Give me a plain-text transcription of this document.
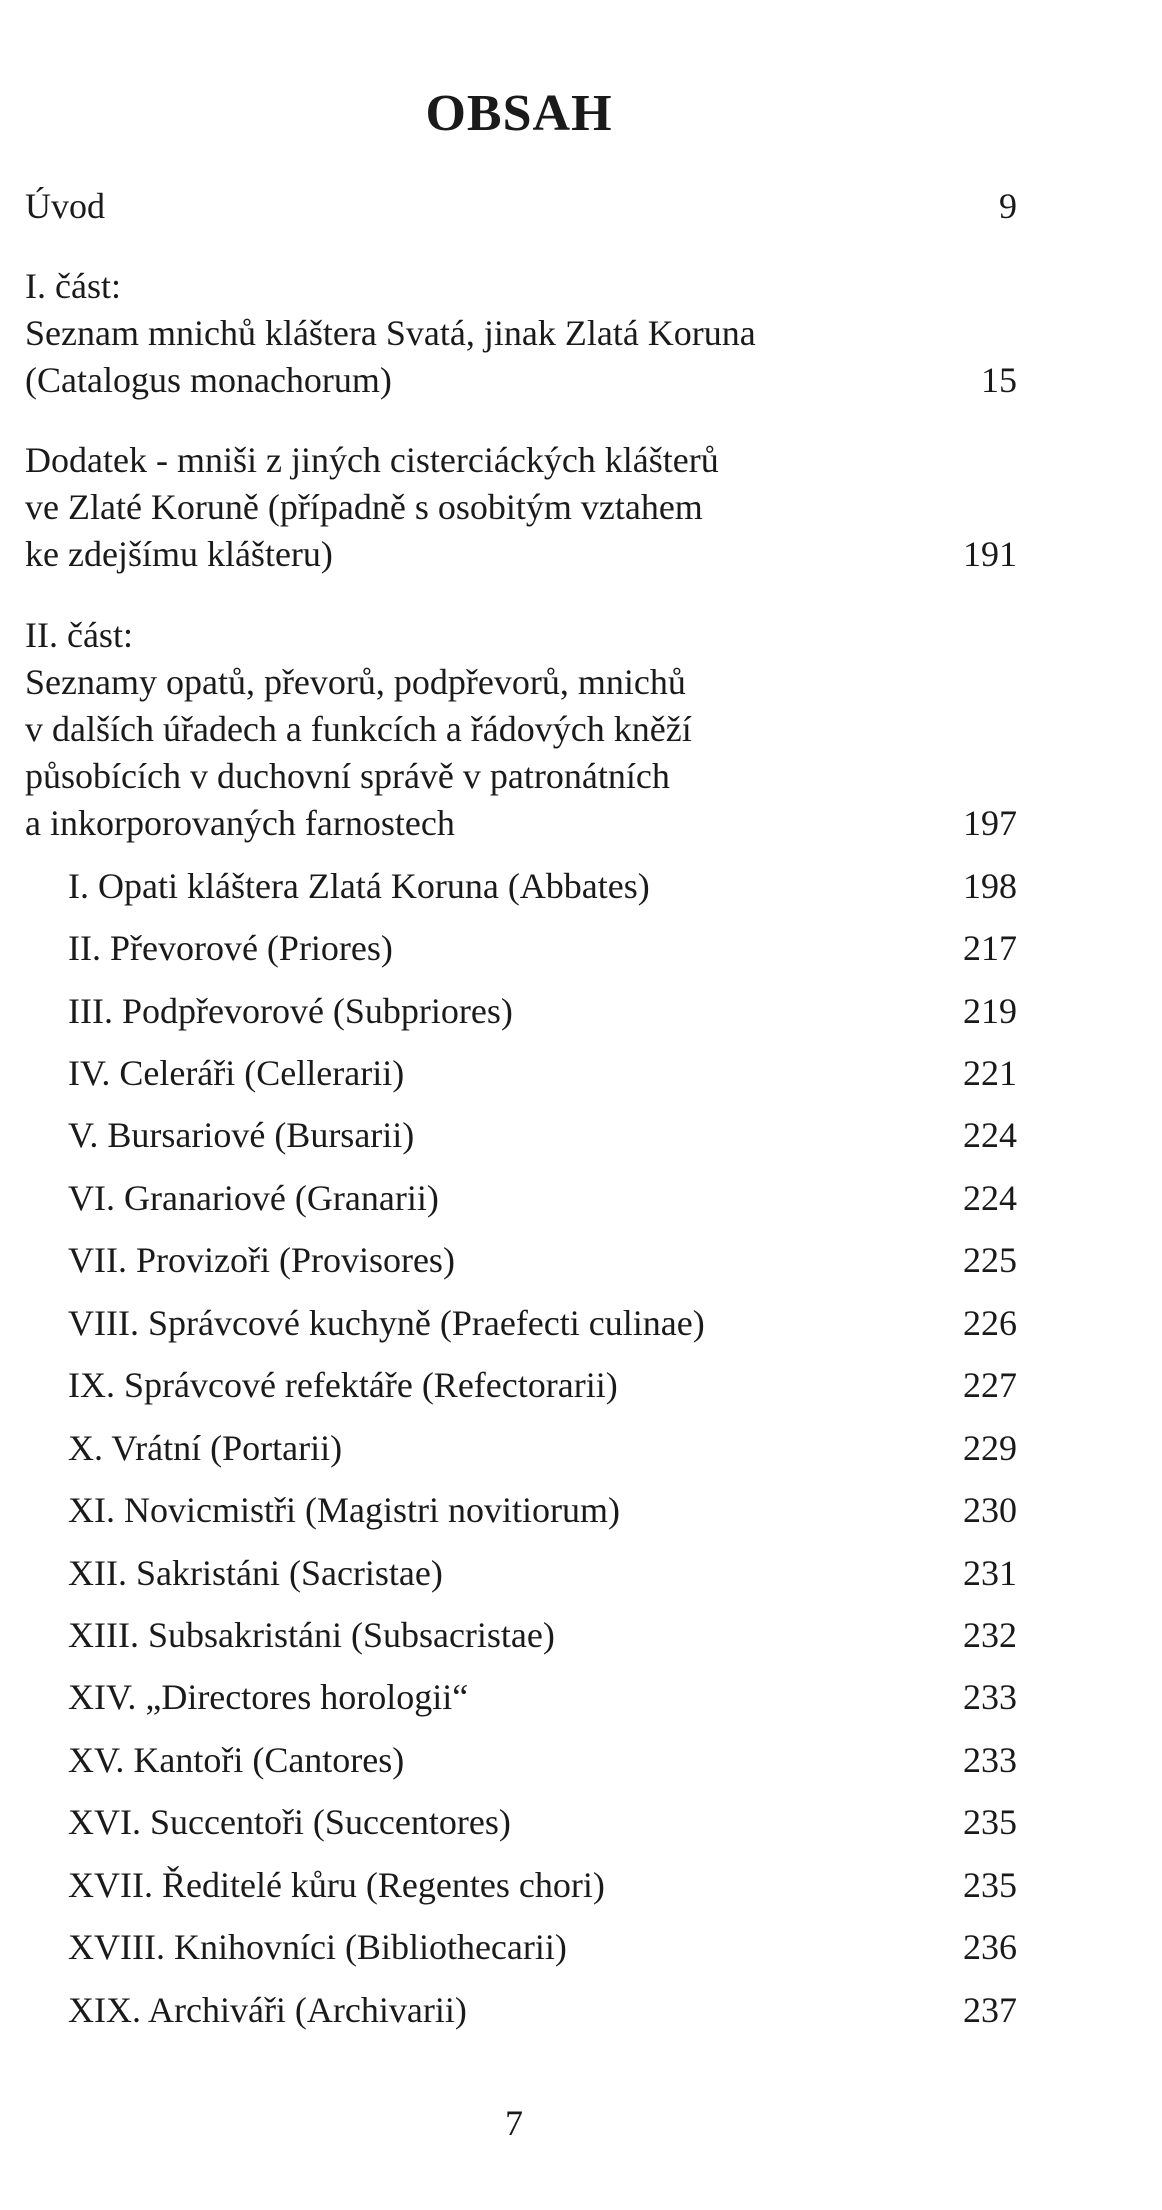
OBSAH
Úvod	9
I. část:
Seznam mnichů kláštera Svatá, jinak Zlatá Koruna
(Catalogus monachorum)	15
Dodatek - mniši z jiných cisterciáckých klášterů
ve Zlaté Koruně (případně s osobitým vztahem
ke zdejšímu klášteru)	191
II. část:
Seznamy opatů, převorů, podpřevorů, mnichů
v dalších úřadech a funkcích a řádových kněží
působících v duchovní správě v patronátních
a inkorporovaných farnostech	197
I. Opati kláštera Zlatá Koruna (Abbates)	198
II. Převorové (Priores)	217
III. Podpřevorové (Subpriores)	219
IV. Celeráři (Cellerarii)	221
V. Bursariové (Bursarii)	224
VI. Granariové (Granarii)	224
VII. Provizoři (Provisores)	225
VIII. Správcové kuchyně (Praefecti culinae)	226
IX. Správcové refektáře (Refectorarii)	227
X. Vrátní (Portarii)	229
XI. Novicmistři (Magistri novitiorum)	230
XII. Sakristáni (Sacristae)	231
XIII. Subsakristáni (Subsacristae)	232
XIV. „Directores horologii“	233
XV. Kantoři (Cantores)	233
XVI. Succentoři (Succentores)	235
XVII. Ředitelé kůru (Regentes chori)	235
XVIII. Knihovníci (Bibliothecarii)	236
XIX. Archiváři (Archivarii)	237
7
